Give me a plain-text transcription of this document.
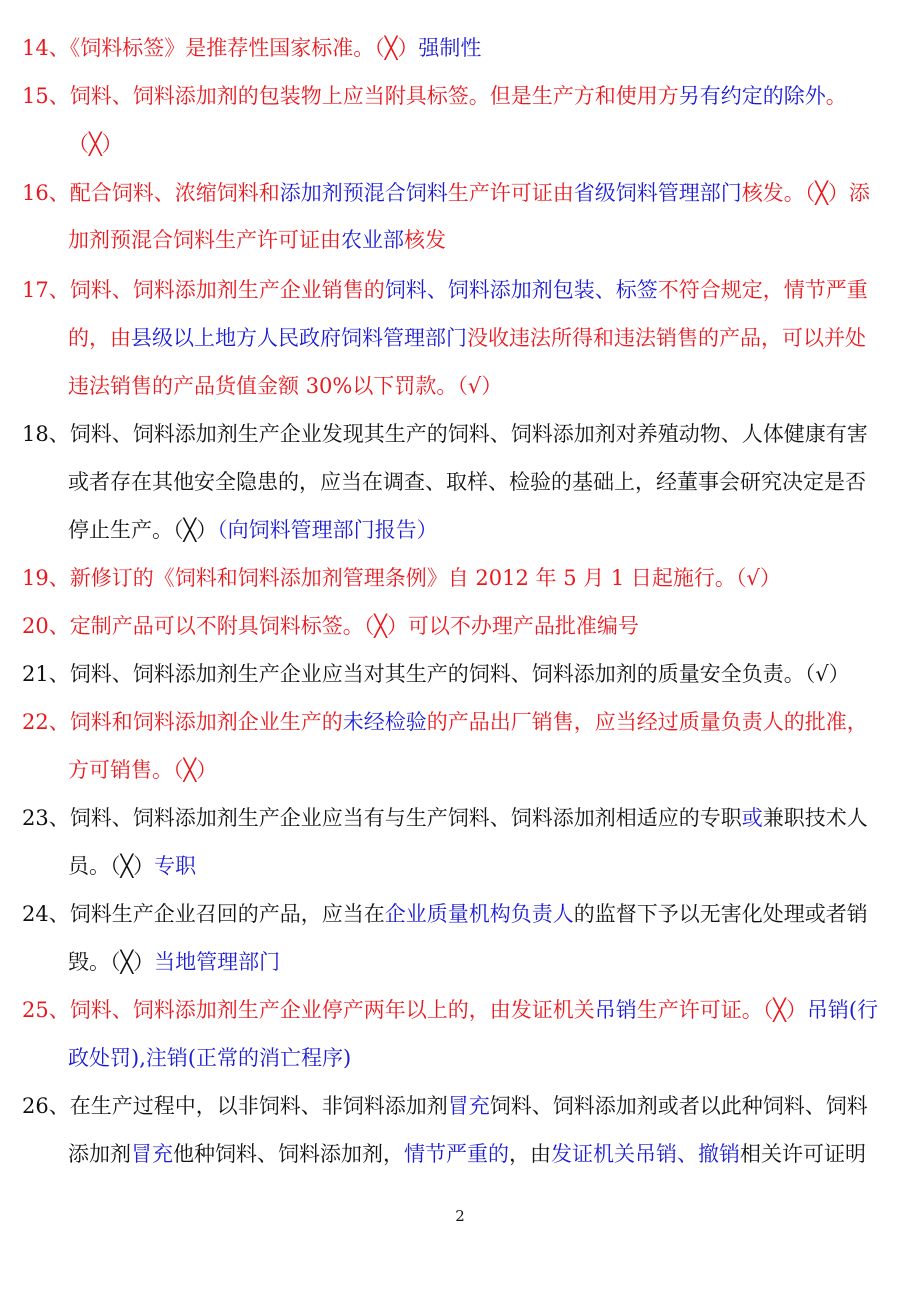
14、《饲料标签》是推荐性国家标准。（╳）强制性
15、饲料、饲料添加剂的包装物上应当附具标签。但是生产方和使用方另有约定的除外。
（╳）
16、配合饲料、浓缩饲料和添加剂预混合饲料生产许可证由省级饲料管理部门核发。（╳）添
加剂预混合饲料生产许可证由农业部核发
17、饲料、饲料添加剂生产企业销售的饲料、饲料添加剂包装、标签不符合规定，情节严重
的，由县级以上地方人民政府饲料管理部门没收违法所得和违法销售的产品，可以并处
违法销售的产品货值金额 30%以下罚款。（√）
18、饲料、饲料添加剂生产企业发现其生产的饲料、饲料添加剂对养殖动物、人体健康有害
或者存在其他安全隐患的，应当在调查、取样、检验的基础上，经董事会研究决定是否
停止生产。（╳）（向饲料管理部门报告）
19、新修订的《饲料和饲料添加剂管理条例》自 2012 年 5 月 1 日起施行。（√）
20、定制产品可以不附具饲料标签。（╳）可以不办理产品批准编号
21、饲料、饲料添加剂生产企业应当对其生产的饲料、饲料添加剂的质量安全负责。（√）
22、饲料和饲料添加剂企业生产的未经检验的产品出厂销售，应当经过质量负责人的批准，
方可销售。（╳）
23、饲料、饲料添加剂生产企业应当有与生产饲料、饲料添加剂相适应的专职或兼职技术人
员。（╳）专职
24、饲料生产企业召回的产品，应当在企业质量机构负责人的监督下予以无害化处理或者销
毁。（╳）当地管理部门
25、饲料、饲料添加剂生产企业停产两年以上的，由发证机关吊销生产许可证。（╳）吊销(行
政处罚),注销(正常的消亡程序)
26、在生产过程中，以非饲料、非饲料添加剂冒充饲料、饲料添加剂或者以此种饲料、饲料
添加剂冒充他种饲料、饲料添加剂，情节严重的，由发证机关吊销、撤销相关许可证明
2
